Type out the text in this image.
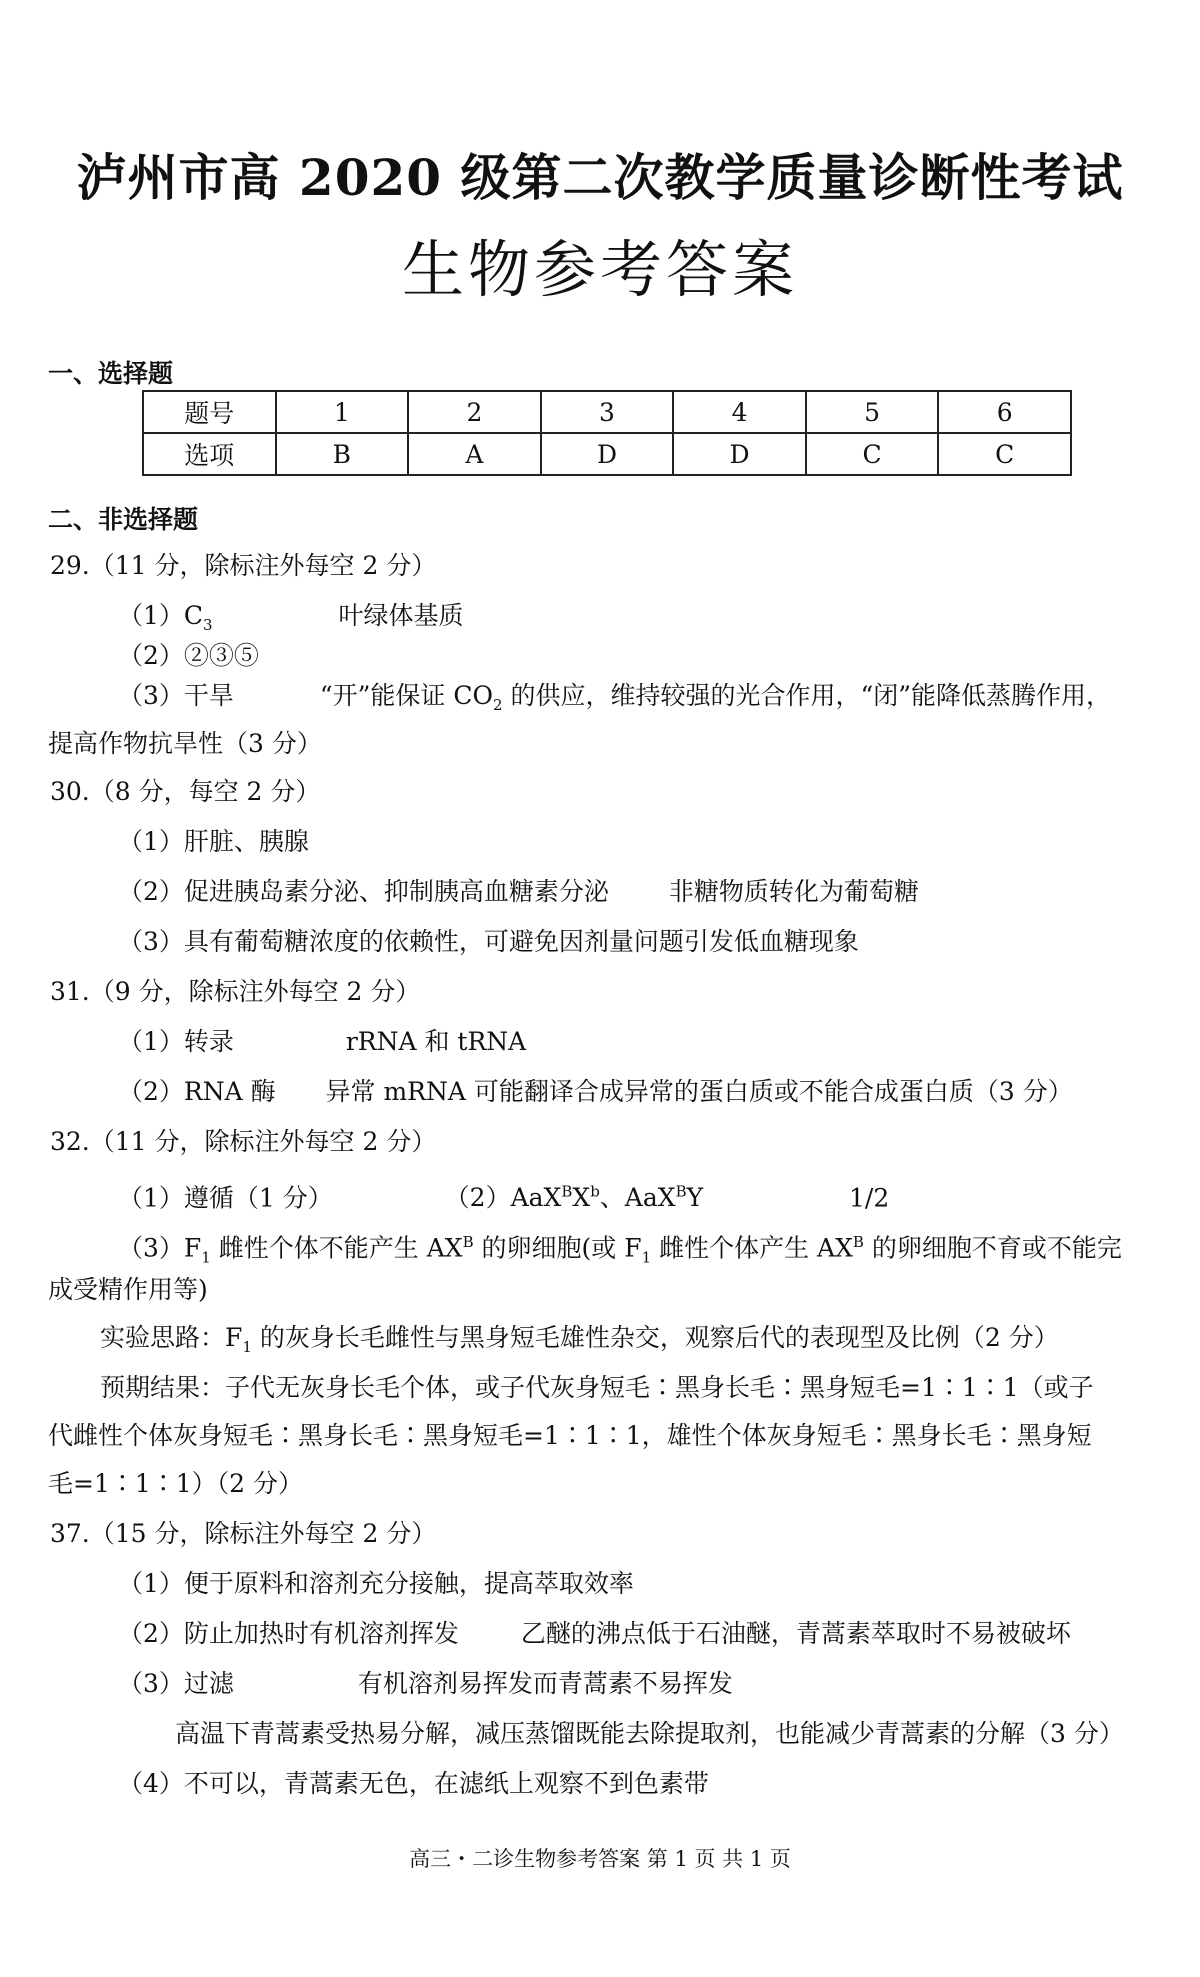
泸州市高 2020 级第二次教学质量诊断性考试
生物参考答案
一、选择题
题号	1	2	3	4	5	6
选项	B	A	D	D	C	C
二、非选择题
29.（11 分，除标注外每空 2 分）
$(1)C_3$	叶绿体基质
（2）②③⑤
（3）干旱	“开”能保证 $CO_2$ 的供应，维持较强的光合作用，“闭”能降低蒸腾作用，
提高作物抗旱性（3 分）
30.（8 分，每空 2 分）
（1）肝脏、胰腺
（2）促进胰岛素分泌、抑制胰高血糖素分泌 非糖物质转化为葡萄糖
（3）具有葡萄糖浓度的依赖性，可避免因剂量问题引发低血糖现象
31.（9 分，除标注外每空 2 分）
（1）转录	rRNA 和 tRNA
（2）RNA 酶 异常 mRNA 可能翻译合成异常的蛋白质或不能合成蛋白质（3 分）
32.（11 分，除标注外每空 2 分）
（1）遵循（1 分）	$(2)AaX^BX^b$、AaX$^B$Y	1/2
$(3)F_1$ 雌性个体不能产生 $AX^B$ 的卵细胞(或 $F_1$ 雌性个体产生 $AX^B$ 的卵细胞不育或不能完
成受精作用等)
实验思路：$F_1$ 的灰身长毛雌性与黑身短毛雄性杂交，观察后代的表现型及比例（2 分）
预期结果：子代无灰身长毛个体，或子代灰身短毛∶黑身长毛∶黑身短毛=1∶1∶1（或子
代雌性个体灰身短毛∶黑身长毛∶黑身短毛=1∶1∶1，雄性个体灰身短毛∶黑身长毛∶黑身短
毛=1∶1∶1）（2 分）
37.（15 分，除标注外每空 2 分）
（1）便于原料和溶剂充分接触，提高萃取效率
（2）防止加热时有机溶剂挥发 乙醚的沸点低于石油醚，青蒿素萃取时不易被破坏
（3）过滤	有机溶剂易挥发而青蒿素不易挥发
高温下青蒿素受热易分解，减压蒸馏既能去除提取剂，也能减少青蒿素的分解（3 分）
（4）不可以，青蒿素无色，在滤纸上观察不到色素带
高三・二诊生物参考答案 第 1 页 共 1 页
